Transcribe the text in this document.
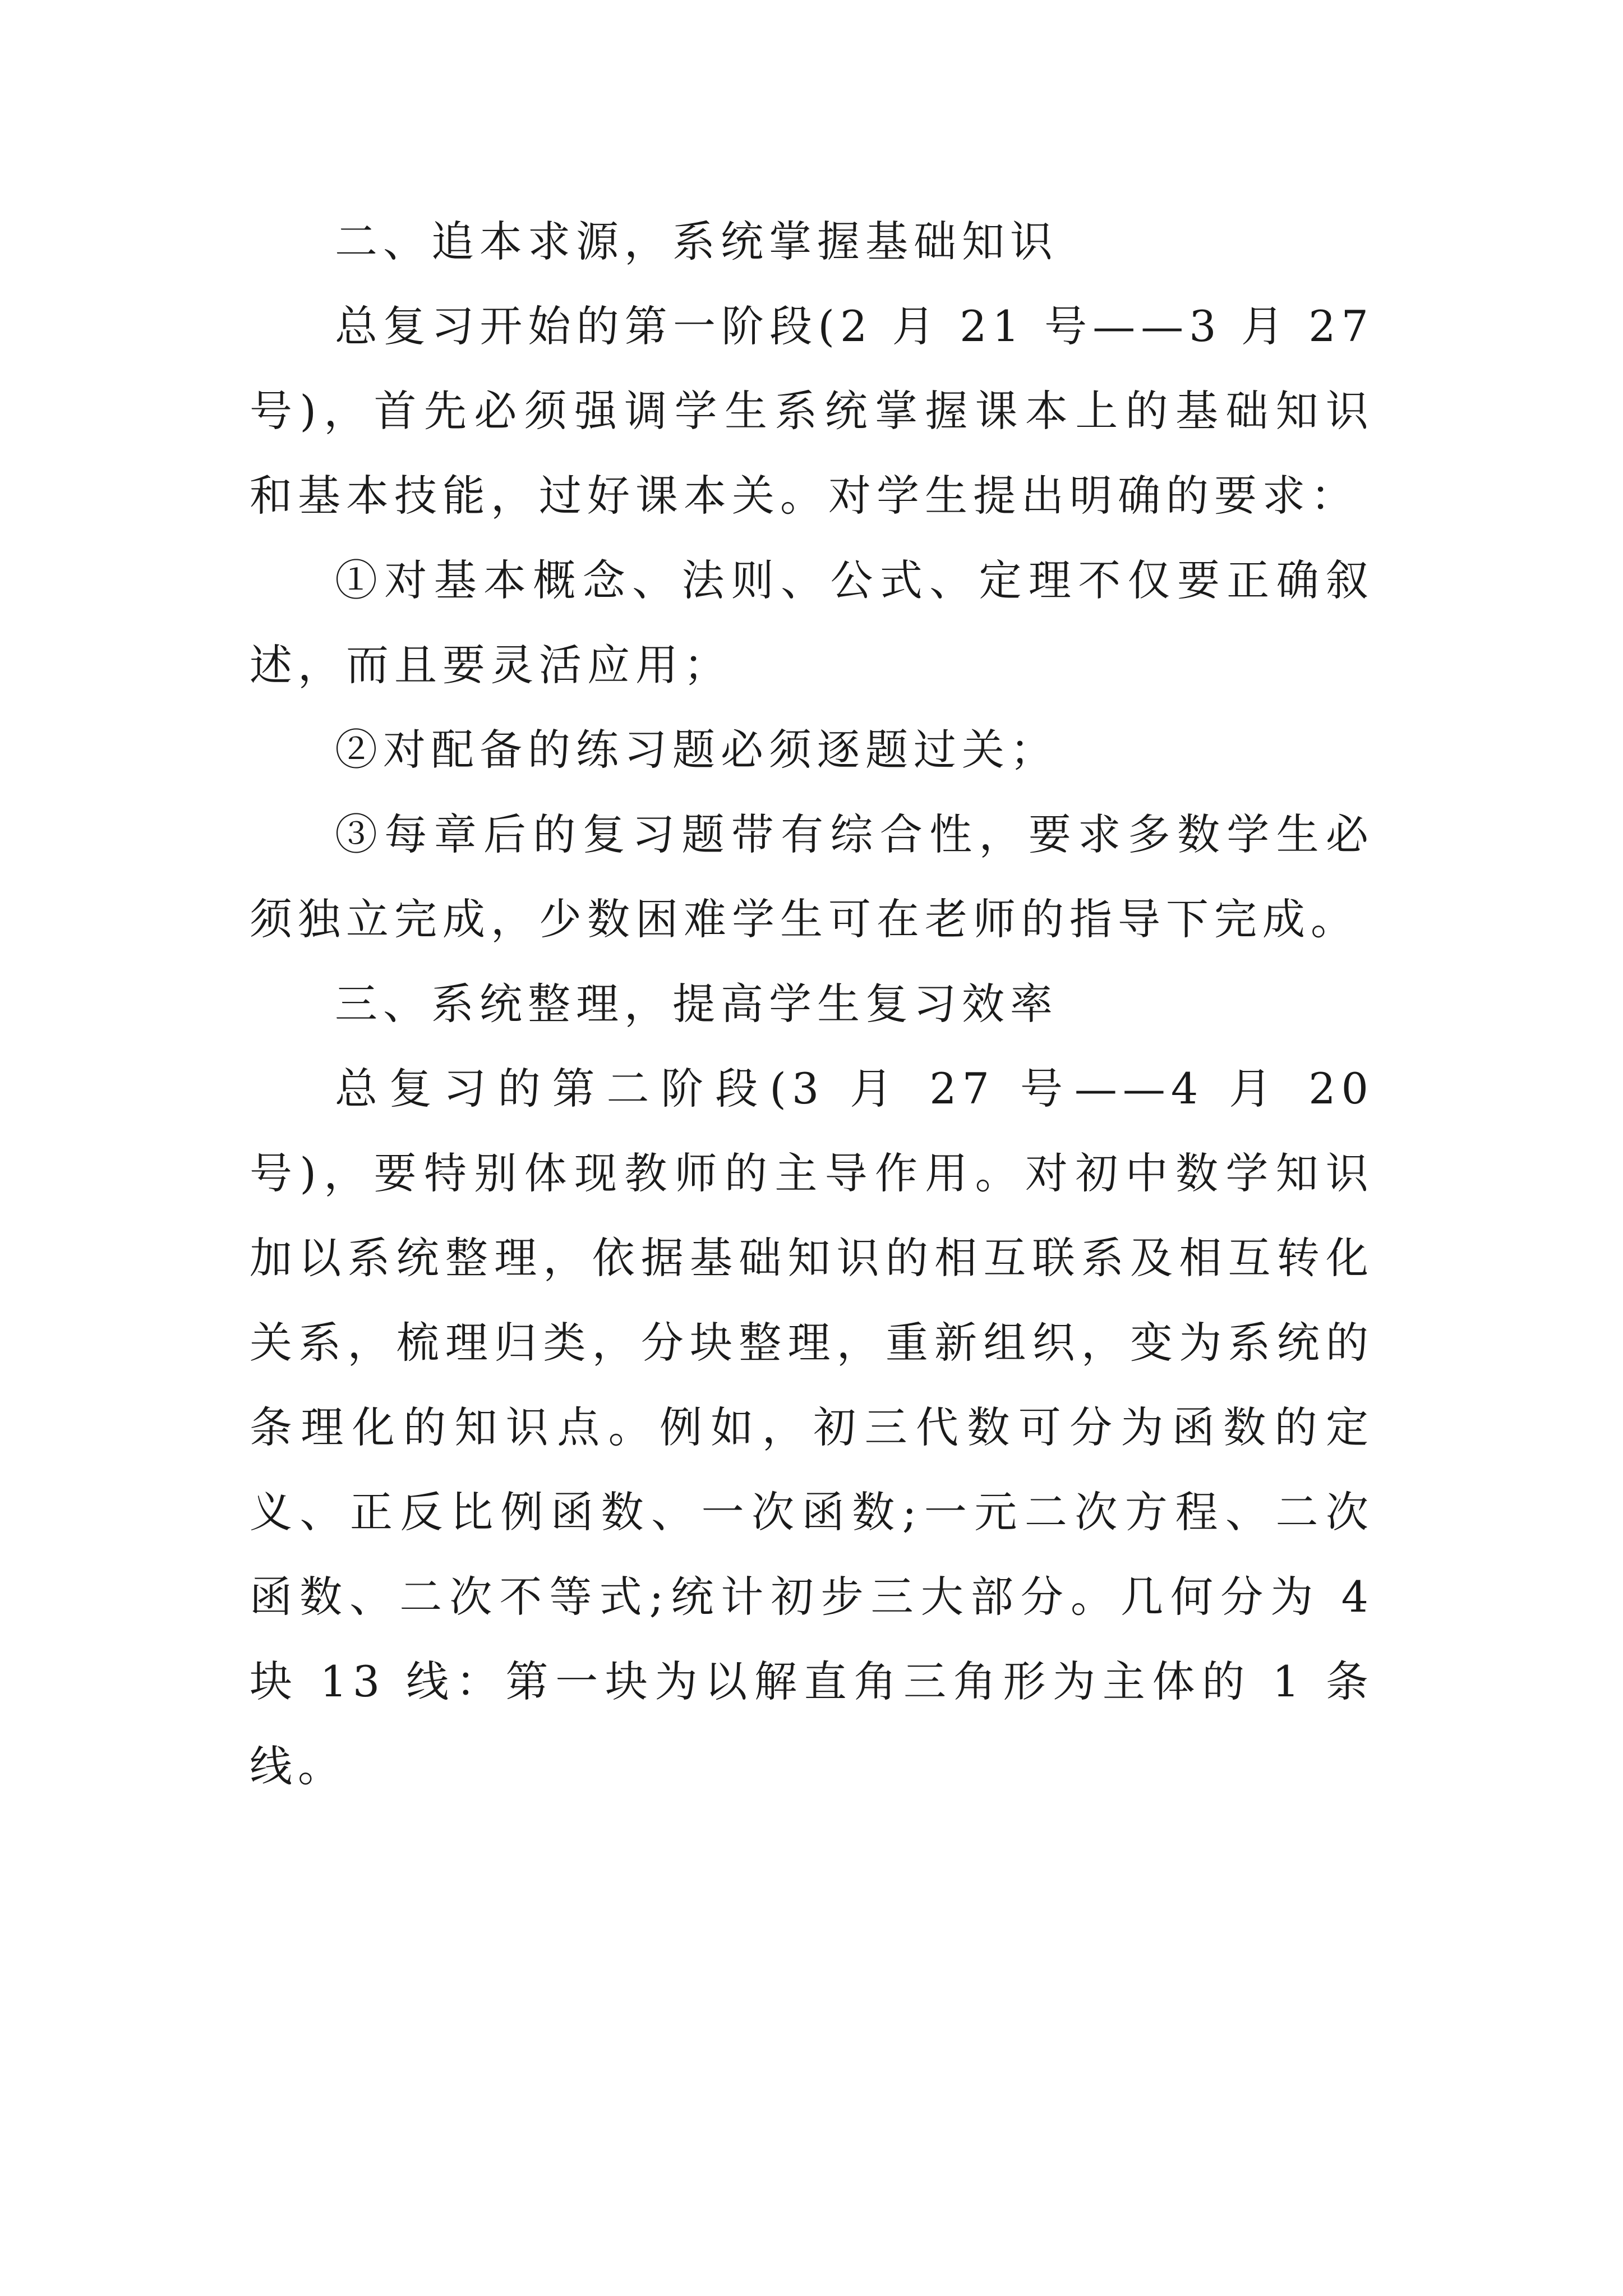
二、追本求源，系统掌握基础知识

总复习开始的第一阶段(2 月 21 号——3 月 27 号)，首先必须强调学生系统掌握课本上的基础知识和基本技能，过好课本关。对学生提出明确的要求：

①对基本概念、法则、公式、定理不仅要正确叙述，而且要灵活应用；

②对配备的练习题必须逐题过关；

③每章后的复习题带有综合性，要求多数学生必须独立完成，少数困难学生可在老师的指导下完成。

三、系统整理，提高学生复习效率

总复习的第二阶段(3 月 27 号——4 月 20 号)，要特别体现教师的主导作用。对初中数学知识加以系统整理，依据基础知识的相互联系及相互转化关系，梳理归类，分块整理，重新组织，变为系统的条理化的知识点。例如，初三代数可分为函数的定义、正反比例函数、一次函数;一元二次方程、二次函数、二次不等式;统计初步三大部分。几何分为 4 块 13 线：第一块为以解直角三角形为主体的 1 条线。
